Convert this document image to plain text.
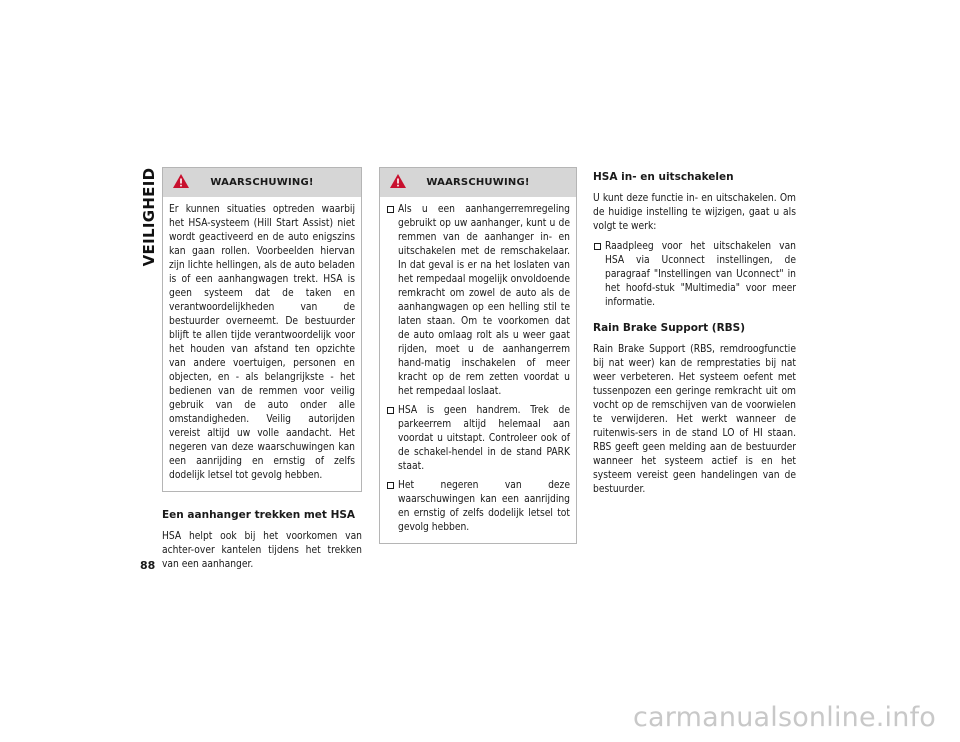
VEILIGHEID	WAARSCHUWING!
Er kunnen situaties optreden waarbij het HSA-systeem (Hill Start Assist) niet wordt geactiveerd en de auto enigszins kan gaan rollen. Voorbeelden hiervan zijn lichte hellingen, als de auto beladen is of een aanhangwagen trekt. HSA is geen systeem dat de taken en verantwoordelijkheden van de bestuurder overneemt. De bestuurder blijft te allen tijde verantwoordelijk voor het houden van afstand ten opzichte van andere voertuigen, personen en objecten, en - als belangrijkste - het bedienen van de remmen voor veilig gebruik van de auto onder alle omstandigheden. Veilig autorijden vereist altijd uw volle aandacht. Het negeren van deze waarschuwingen kan een aanrijding en ernstig of zelfs dodelijk letsel tot gevolg hebben.
Een aanhanger trekken met HSA

HSA helpt ook bij het voorkomen van achter-over kantelen tijdens het trekken van een aanhanger.

WAARSCHUWING!
Als u een aanhangerremregeling gebruikt op uw aanhanger, kunt u de remmen van de aanhanger in- en uitschakelen met de remschakelaar. In dat geval is er na het loslaten van het rempedaal mogelijk onvoldoende remkracht om zowel de auto als de aanhangwagen op een helling stil te laten staan. Om te voorkomen dat de auto omlaag rolt als u weer gaat rijden, moet u de aanhangerrem hand-matig inschakelen of meer kracht op de rem zetten voordat u het rempedaal loslaat.
HSA is geen handrem. Trek de parkeerrem altijd helemaal aan voordat u uitstapt. Controleer ook of de schakel-hendel in de stand PARK staat.
Het negeren van deze waarschuwingen kan een aanrijding en ernstig of zelfs dodelijk letsel tot gevolg hebben.
HSA in- en uitschakelen

U kunt deze functie in- en uitschakelen. Om de huidige instelling te wijzigen, gaat u als volgt te werk:

Raadpleeg voor het uitschakelen van HSA via Uconnect instellingen, de paragraaf "Instellingen van Uconnect" in het hoofd-stuk "Multimedia" voor meer informatie.
Rain Brake Support (RBS)

Rain Brake Support (RBS, remdroogfunctie bij nat weer) kan de remprestaties bij nat weer verbeteren. Het systeem oefent met tussenpozen een geringe remkracht uit om vocht op de remschijven van de voorwielen te verwijderen. Het werkt wanneer de ruitenwis-sers in de stand LO of HI staan. RBS geeft geen melding aan de bestuurder wanneer het systeem actief is en het systeem vereist geen handelingen van de bestuurder.

88
carmanualsonline.info
